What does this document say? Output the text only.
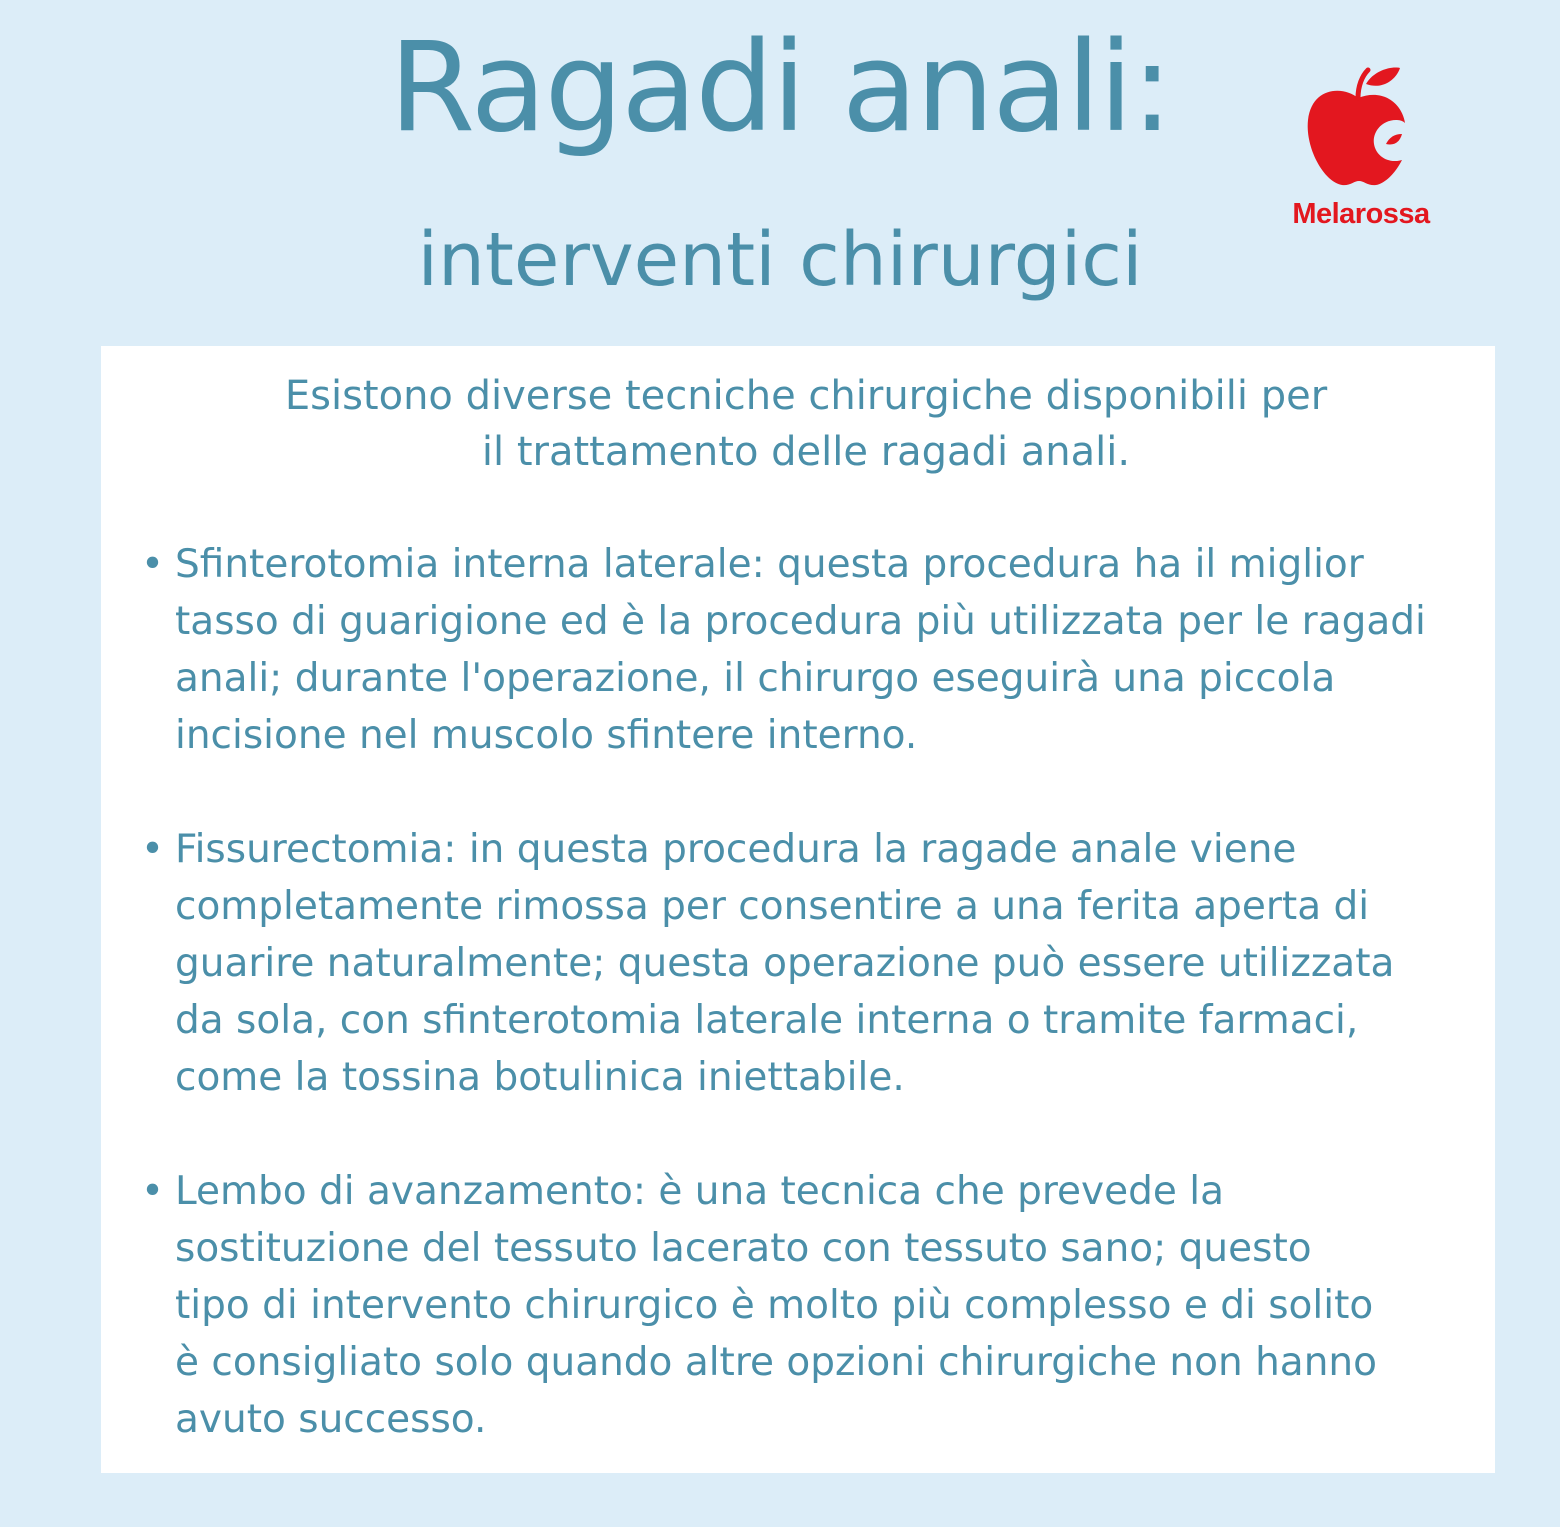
Ragadi anali:
interventi chirurgici
Melarossa

Esistono diverse tecniche chirurgiche disponibili per
il trattamento delle ragadi anali.

• Sfinterotomia interna laterale: questa procedura ha il miglior
tasso di guarigione ed è la procedura più utilizzata per le ragadi
anali; durante l'operazione, il chirurgo eseguirà una piccola
incisione nel muscolo sfintere interno.
• Fissurectomia: in questa procedura la ragade anale viene
completamente rimossa per consentire a una ferita aperta di
guarire naturalmente; questa operazione può essere utilizzata
da sola, con sfinterotomia laterale interna o tramite farmaci,
come la tossina botulinica iniettabile.
• Lembo di avanzamento: è una tecnica che prevede la
sostituzione del tessuto lacerato con tessuto sano; questo
tipo di intervento chirurgico è molto più complesso e di solito
è consigliato solo quando altre opzioni chirurgiche non hanno
avuto successo.
